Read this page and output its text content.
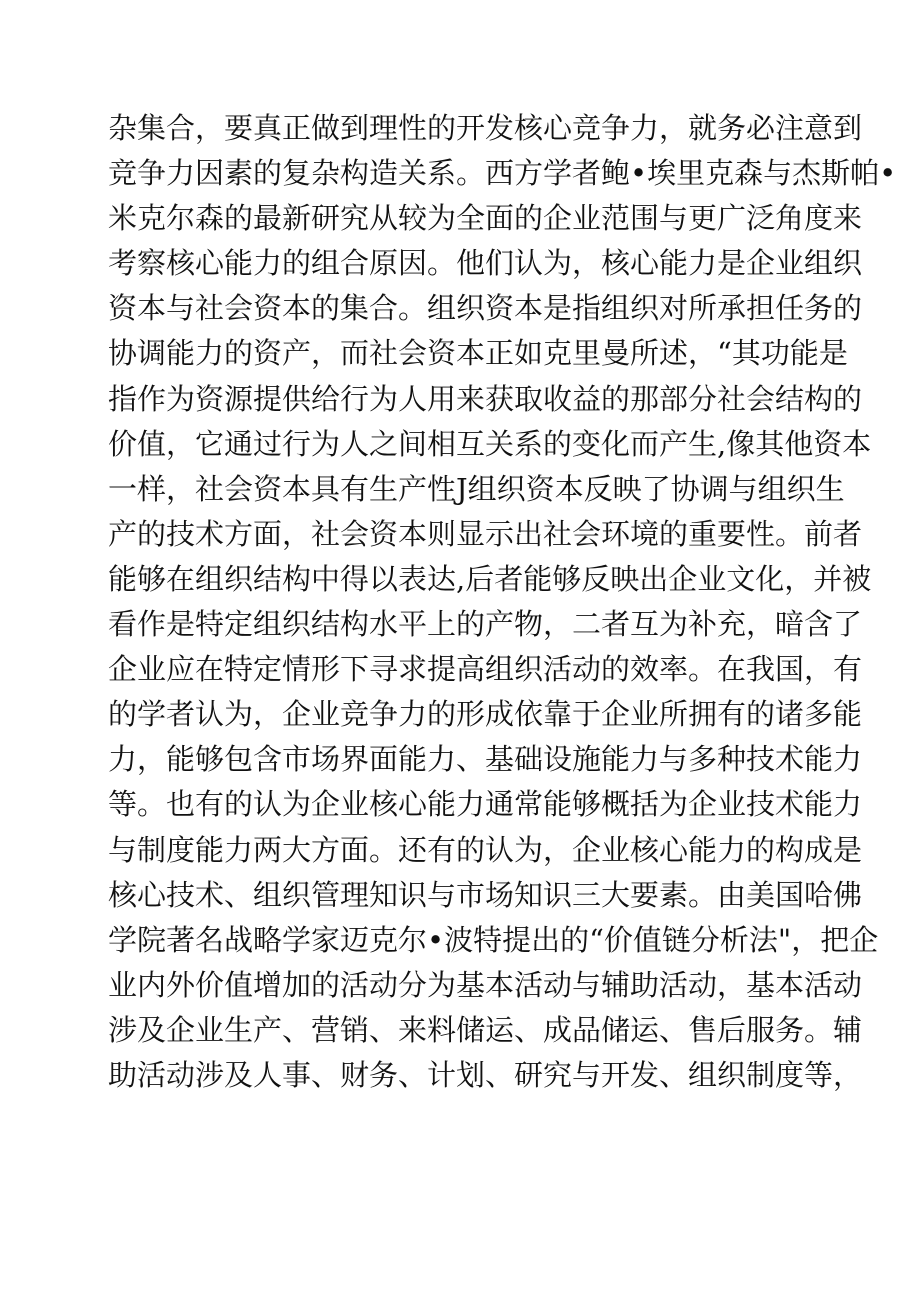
杂集合，要真正做到理性的开发核心竞争力，就务必注意到
竞争力因素的复杂构造关系。西方学者鲍•埃里克森与杰斯帕•
米克尔森的最新研究从较为全面的企业范围与更广泛角度来
考察核心能力的组合原因。他们认为，核心能力是企业组织
资本与社会资本的集合。组织资本是指组织对所承担任务的
协调能力的资产，而社会资本正如克里曼所述，“其功能是
指作为资源提供给行为人用来获取收益的那部分社会结构的
价值，它通过行为人之间相互关系的变化而产生,像其他资本
一样，社会资本具有生产性J组织资本反映了协调与组织生
产的技术方面，社会资本则显示出社会环境的重要性。前者
能够在组织结构中得以表达,后者能够反映出企业文化，并被
看作是特定组织结构水平上的产物，二者互为补充，暗含了
企业应在特定情形下寻求提高组织活动的效率。在我国，有
的学者认为，企业竞争力的形成依靠于企业所拥有的诸多能
力，能够包含市场界面能力、基础设施能力与多种技术能力
等。也有的认为企业核心能力通常能够概括为企业技术能力
与制度能力两大方面。还有的认为，企业核心能力的构成是
核心技术、组织管理知识与市场知识三大要素。由美国哈佛
学院著名战略学家迈克尔•波特提出的“价值链分析法"，把企
业内外价值增加的活动分为基本活动与辅助活动，基本活动
涉及企业生产、营销、来料储运、成品储运、售后服务。辅
助活动涉及人事、财务、计划、研究与开发、组织制度等，
